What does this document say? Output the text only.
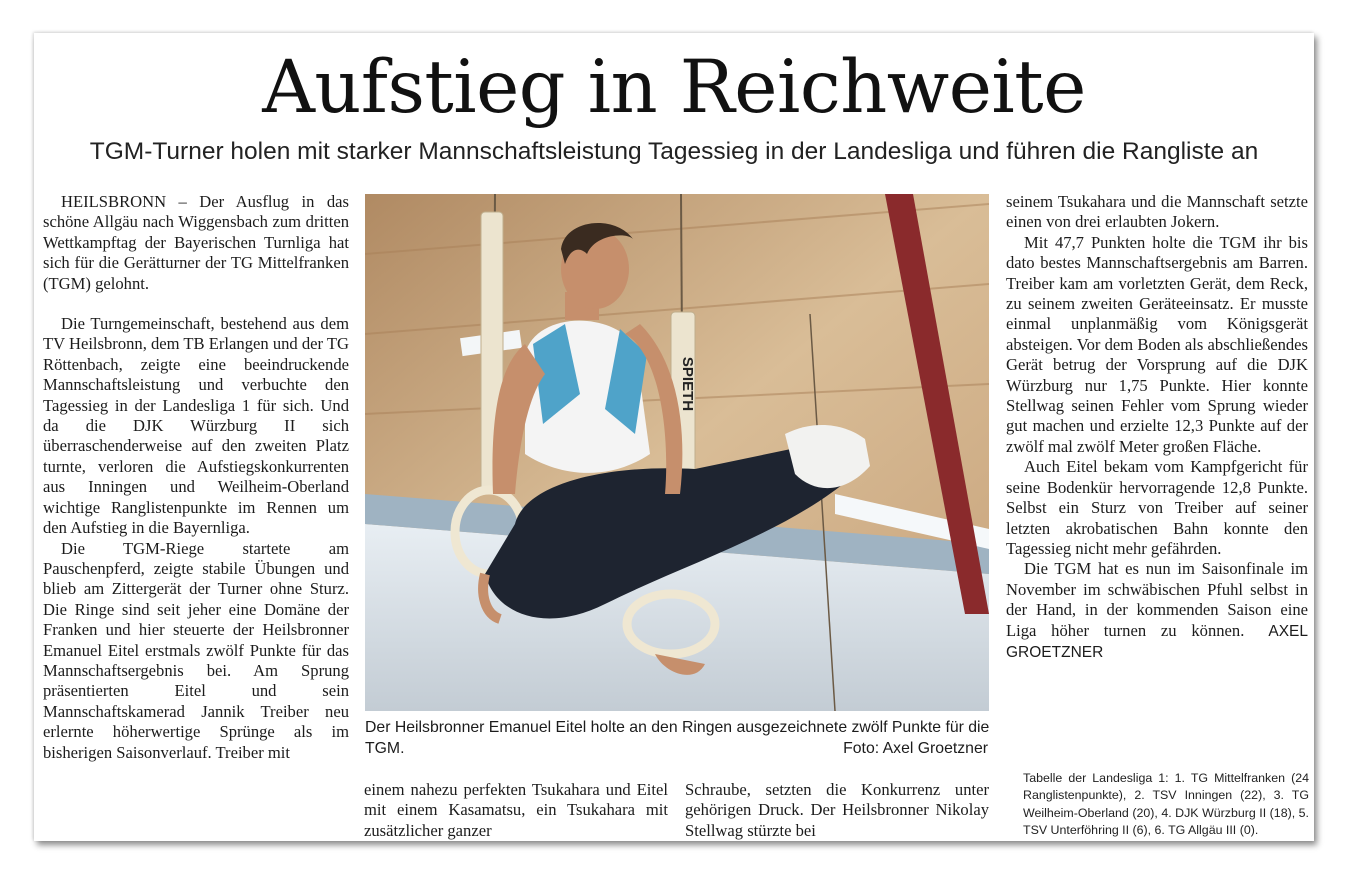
Aufstieg in Reichweite

TGM-Turner holen mit starker Mannschaftsleistung Tagessieg in der Landesliga und führen die Rangliste an

HEILSBRONN – Der Ausflug in das schöne Allgäu nach Wiggensbach zum dritten Wettkampftag der Bayerischen Turnliga hat sich für die Gerätturner der TG Mittelfranken (TGM) gelohnt.

Die Turngemeinschaft, bestehend aus dem TV Heilsbronn, dem TB Erlangen und der TG Röttenbach, zeigte eine beeindruckende Mannschaftsleistung und verbuchte den Tagessieg in der Landesliga 1 für sich. Und da die DJK Würzburg II sich überraschenderweise auf den zweiten Platz turnte, verloren die Aufstiegskonkurrenten aus Inningen und Weilheim-Oberland wichtige Ranglistenpunkte im Rennen um den Aufstieg in die Bayernliga.

Die TGM-Riege startete am Pauschenpferd, zeigte stabile Übungen und blieb am Zittergerät der Turner ohne Sturz. Die Ringe sind seit jeher eine Domäne der Franken und hier steuerte der Heilsbronner Emanuel Eitel erstmals zwölf Punkte für das Mannschaftsergebnis bei. Am Sprung präsentierten Eitel und sein Mannschaftskamerad Jannik Treiber neu erlernte höherwertige Sprünge als im bisherigen Saisonverlauf. Treiber mit

SPIETH

Der Heilsbronner Emanuel Eitel holte an den Ringen ausgezeichnete zwölf Punkte für die TGM.	Foto: Axel Groetzner

einem nahezu perfekten Tsukahara und Eitel mit einem Kasamatsu, ein Tsukahara mit zusätzlicher ganzer

Schraube, setzten die Konkurrenz unter gehörigen Druck. Der Heilsbronner Nikolay Stellwag stürzte bei

seinem Tsukahara und die Mannschaft setzte einen von drei erlaubten Jokern.

Mit 47,7 Punkten holte die TGM ihr bis dato bestes Mannschaftsergebnis am Barren. Treiber kam am vorletzten Gerät, dem Reck, zu seinem zweiten Geräteeinsatz. Er musste einmal unplanmäßig vom Königsgerät absteigen. Vor dem Boden als abschließendes Gerät betrug der Vorsprung auf die DJK Würzburg nur 1,75 Punkte. Hier konnte Stellwag seinen Fehler vom Sprung wieder gut machen und erzielte 12,3 Punkte auf der zwölf mal zwölf Meter großen Fläche.

Auch Eitel bekam vom Kampfgericht für seine Bodenkür hervorragende 12,8 Punkte. Selbst ein Sturz von Treiber auf seiner letzten akrobatischen Bahn konnte den Tagessieg nicht mehr gefährden.

Die TGM hat es nun im Saisonfinale im November im schwäbischen Pfuhl selbst in der Hand, in der kommenden Saison eine Liga höher turnen zu können. AXEL GROETZNER

Tabelle der Landesliga 1: 1. TG Mittelfranken (24 Ranglistenpunkte), 2. TSV Inningen (22), 3. TG Weilheim-Oberland (20), 4. DJK Würzburg II (18), 5. TSV Unterföhring II (6), 6. TG Allgäu III (0).
